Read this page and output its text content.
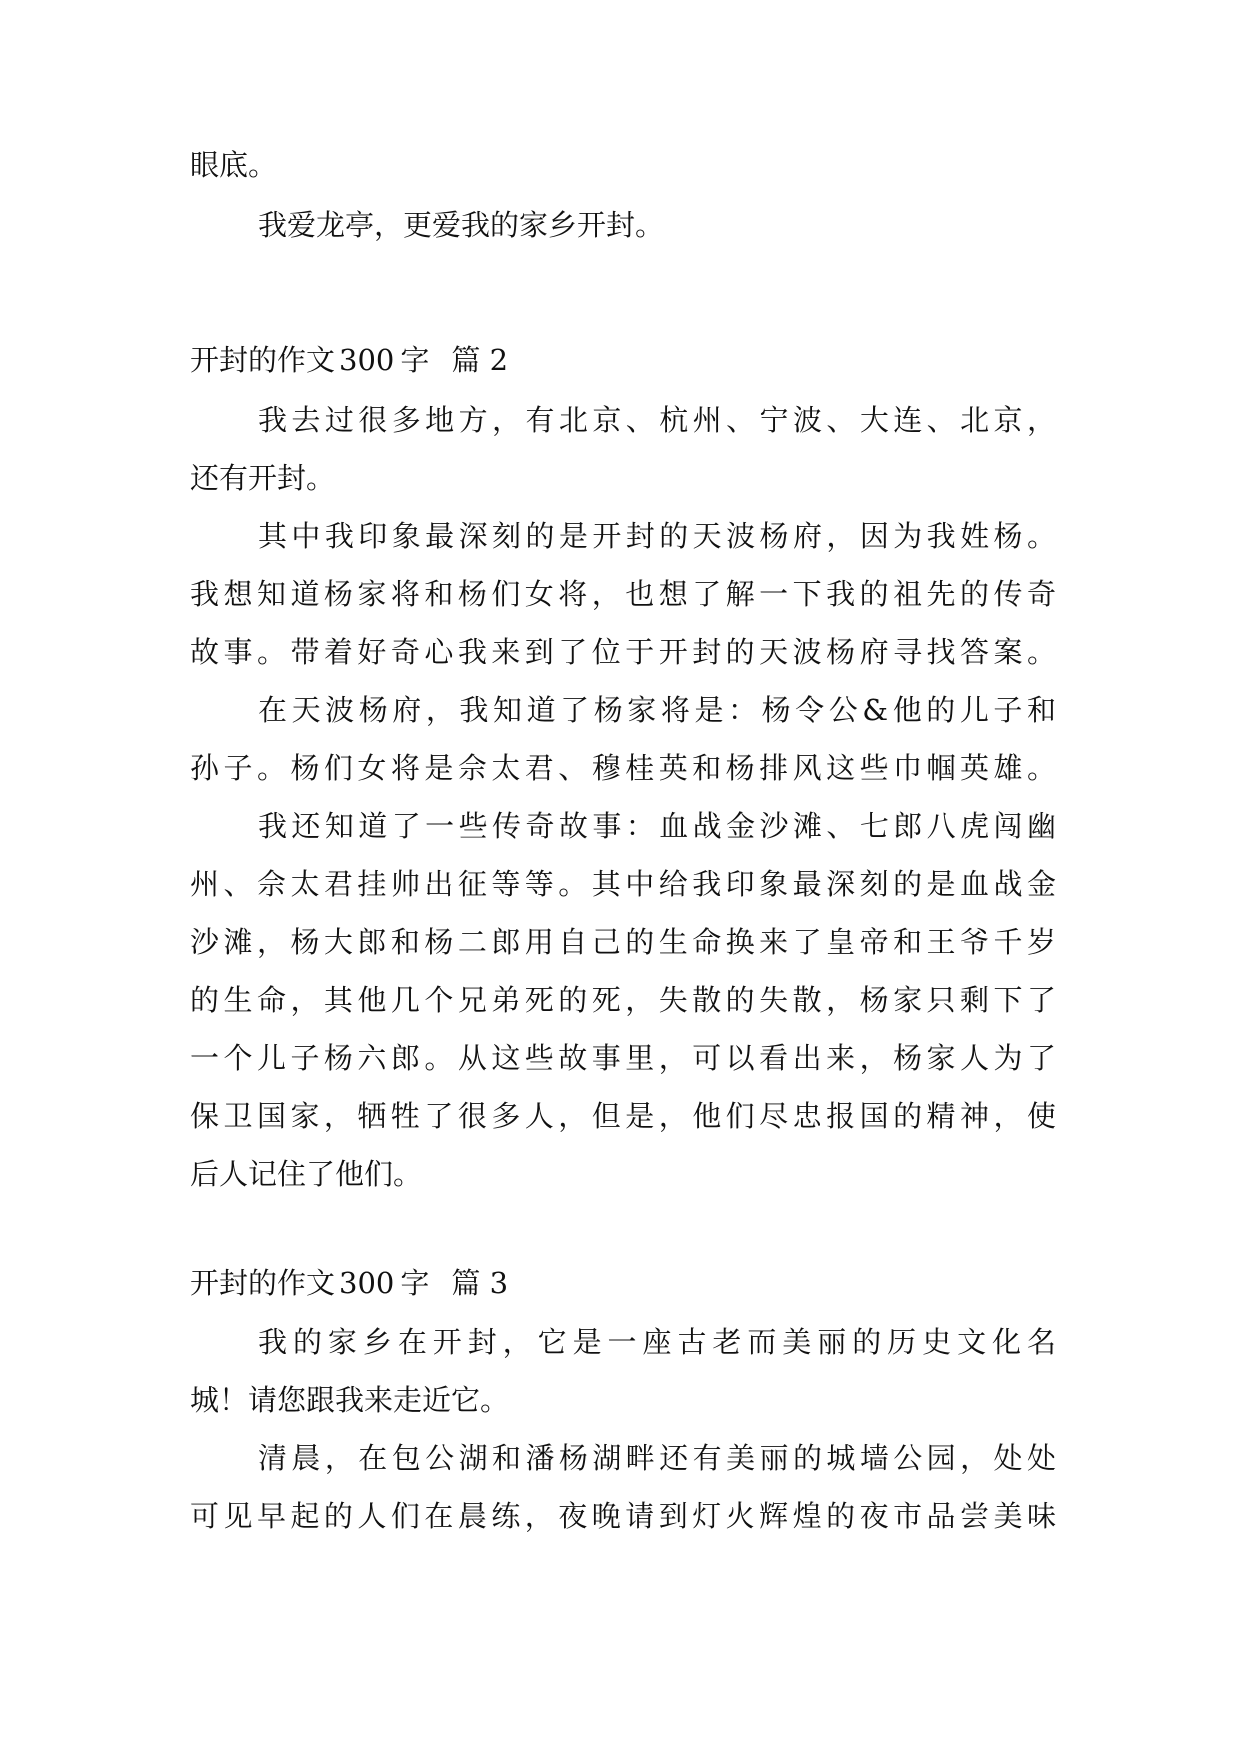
眼底。
我爱龙亭，更爱我的家乡开封。
开封的作文 300 字 篇 2
我去过很多地方，有北京、杭州、宁波、大连、北京，
还有开封。
其中我印象最深刻的是开封的天波杨府，因为我姓杨。
我想知道杨家将和杨们女将，也想了解一下我的祖先的传奇
故事。带着好奇心我来到了位于开封的天波杨府寻找答案。
在天波杨府，我知道了杨家将是：杨令公&他的儿子和
孙子。杨们女将是佘太君、穆桂英和杨排风这些巾帼英雄。
我还知道了一些传奇故事：血战金沙滩、七郎八虎闯幽
州、佘太君挂帅出征等等。其中给我印象最深刻的是血战金
沙滩，杨大郎和杨二郎用自己的生命换来了皇帝和王爷千岁
的生命，其他几个兄弟死的死，失散的失散，杨家只剩下了
一个儿子杨六郎。从这些故事里，可以看出来，杨家人为了
保卫国家，牺牲了很多人，但是，他们尽忠报国的精神，使
后人记住了他们。
开封的作文 300 字 篇 3
我的家乡在开封，它是一座古老而美丽的历史文化名
城！请您跟我来走近它。
清晨，在包公湖和潘杨湖畔还有美丽的城墙公园，处处
可见早起的人们在晨练，夜晚请到灯火辉煌的夜市品尝美味
